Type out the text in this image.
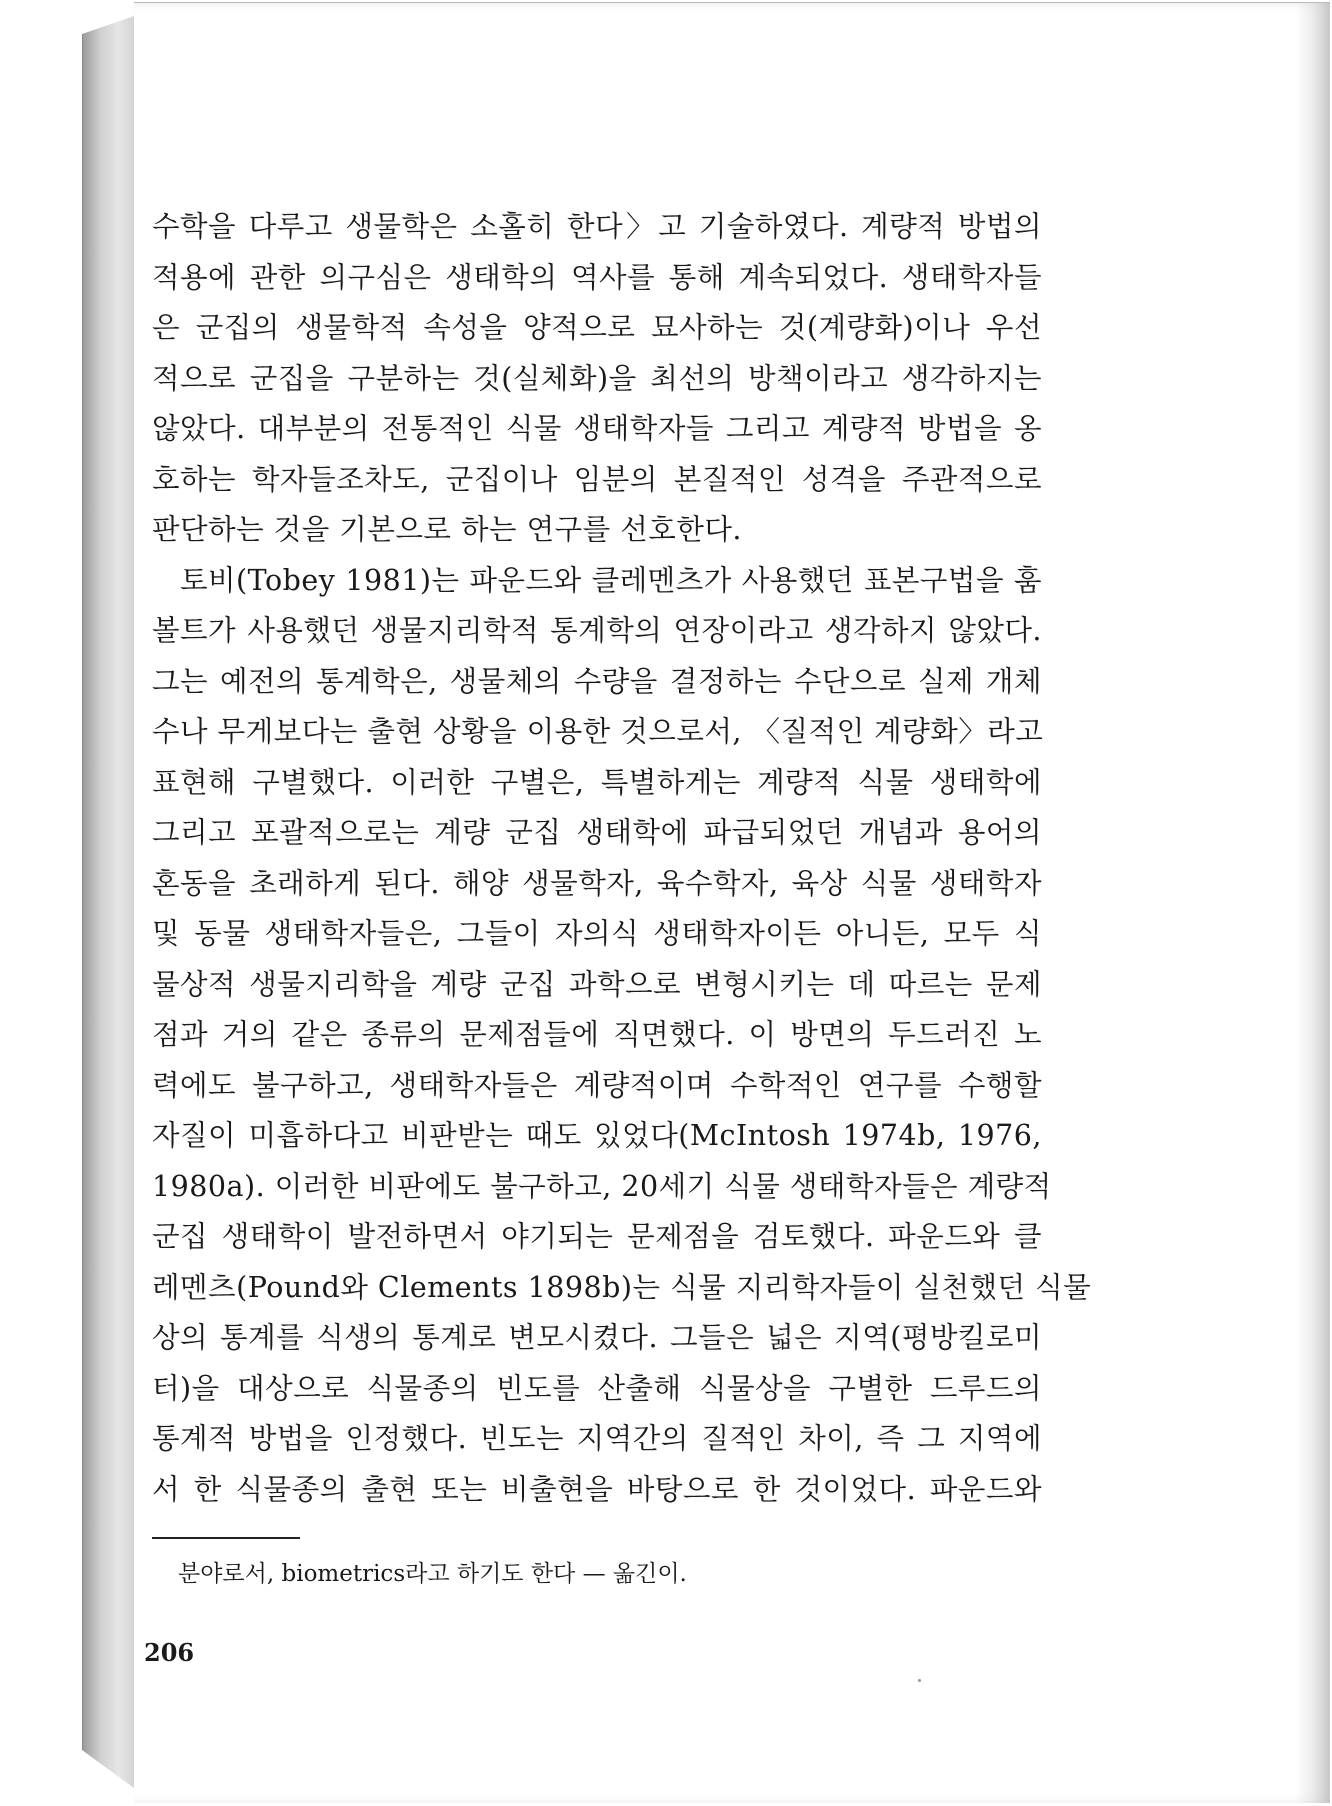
수학을 다루고 생물학은 소홀히 한다〉고 기술하였다. 계량적 방법의
적용에 관한 의구심은 생태학의 역사를 통해 계속되었다. 생태학자들
은 군집의 생물학적 속성을 양적으로 묘사하는 것(계량화)이나 우선
적으로 군집을 구분하는 것(실체화)을 최선의 방책이라고 생각하지는
않았다. 대부분의 전통적인 식물 생태학자들 그리고 계량적 방법을 옹
호하는 학자들조차도, 군집이나 임분의 본질적인 성격을 주관적으로
판단하는 것을 기본으로 하는 연구를 선호한다.
토비(Tobey 1981)는 파운드와 클레멘츠가 사용했던 표본구법을 훔
볼트가 사용했던 생물지리학적 통계학의 연장이라고 생각하지 않았다.
그는 예전의 통계학은, 생물체의 수량을 결정하는 수단으로 실제 개체
수나 무게보다는 출현 상황을 이용한 것으로서, 〈질적인 계량화〉라고
표현해 구별했다. 이러한 구별은, 특별하게는 계량적 식물 생태학에
그리고 포괄적으로는 계량 군집 생태학에 파급되었던 개념과 용어의
혼동을 초래하게 된다. 해양 생물학자, 육수학자, 육상 식물 생태학자
및 동물 생태학자들은, 그들이 자의식 생태학자이든 아니든, 모두 식
물상적 생물지리학을 계량 군집 과학으로 변형시키는 데 따르는 문제
점과 거의 같은 종류의 문제점들에 직면했다. 이 방면의 두드러진 노
력에도 불구하고, 생태학자들은 계량적이며 수학적인 연구를 수행할
자질이 미흡하다고 비판받는 때도 있었다(McIntosh 1974b, 1976,
1980a). 이러한 비판에도 불구하고, 20세기 식물 생태학자들은 계량적
군집 생태학이 발전하면서 야기되는 문제점을 검토했다. 파운드와 클
레멘츠(Pound와 Clements 1898b)는 식물 지리학자들이 실천했던 식물
상의 통계를 식생의 통계로 변모시켰다. 그들은 넓은 지역(평방킬로미
터)을 대상으로 식물종의 빈도를 산출해 식물상을 구별한 드루드의
통계적 방법을 인정했다. 빈도는 지역간의 질적인 차이, 즉 그 지역에
서 한 식물종의 출현 또는 비출현을 바탕으로 한 것이었다. 파운드와
분야로서, biometrics라고 하기도 한다 — 옮긴이.
206
